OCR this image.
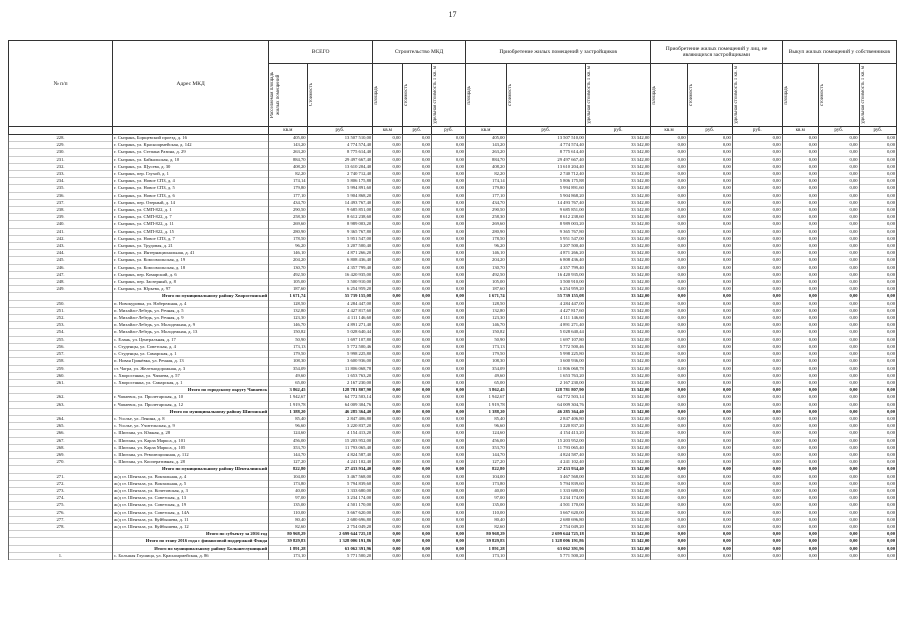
17
№ п/п	Адрес МКД	ВСЕГО		Строительство МКД			Приобретение жилых помещений у застройщиков			Приобретение жилых помещений у лиц, не являющихся застройщиками			Выкуп жилых помещений у собственников		

		Расселяемая площадь жилых помещений	Стоимость	площадь	стоимость	удельная стоимость 1 кв. м	площадь	стоимость	удельная стоимость 1 кв. м	площадь	стоимость	удельная стоимость 1 кв. м	площадь	стоимость	удельная стоимость 1 кв. м

		кв.м	руб.	кв.м	руб.	руб.	кв.м	руб.	руб.	кв.м	руб.	руб.	кв.м	руб.	руб.
228.	г. Сызрань, Борщевский проезд, д. 16	405,00	13 507 510,00	0,00	0,00	0,00	405,00	13 507 510,00	33 342,00	0,00	0,00	0,00	0,00	0,00	0,00
229.	г. Сызрань, ул. Красноармейская, д. 142	143,20	4 774 574,40	0,00	0,00	0,00	143,20	4 774 574,40	33 342,00	0,00	0,00	0,00	0,00	0,00	0,00
230.	г. Сызрань, ул. Степана Разина, д. 29	263,20	8 775 614,40	0,00	0,00	0,00	263,20	8 775 614,40	33 342,00	0,00	0,00	0,00	0,00	0,00	0,00
231.	г. Сызрань, ул. Байкальская, д. 10	884,70	29 497 667,40	0,00	0,00	0,00	884,70	29 497 667,40	33 342,00	0,00	0,00	0,00	0,00	0,00	0,00
232.	г. Сызрань, ул. Щусева, д. 30	408,20	13 610 204,40	0,00	0,00	0,00	408,20	13 610 204,40	33 342,00	0,00	0,00	0,00	0,00	0,00	0,00
233.	г. Сызрань, пер. Глухой, д. 1	82,20	2 740 712,40	0,00	0,00	0,00	82,20	2 740 712,40	33 342,00	0,00	0,00	0,00	0,00	0,00	0,00
234.	г. Сызрань, ул. Новое СПЗ, д. 4	174,14	5 806 175,88	0,00	0,00	0,00	174,14	5 806 175,88	33 342,00	0,00	0,00	0,00	0,00	0,00	0,00
235.	г. Сызрань, ул. Новое СПЗ, д. 5	179,80	5 994 891,60	0,00	0,00	0,00	179,80	5 994 891,60	33 342,00	0,00	0,00	0,00	0,00	0,00	0,00
236.	г. Сызрань, ул. Новое СПЗ, д. 6	177,10	5 904 868,20	0,00	0,00	0,00	177,10	5 904 868,20	33 342,00	0,00	0,00	0,00	0,00	0,00	0,00
237.	г. Сызрань, пер. Озерный, д. 14	434,70	14 493 767,40	0,00	0,00	0,00	434,70	14 493 767,40	33 342,00	0,00	0,00	0,00	0,00	0,00	0,00
238.	г. Сызрань, ул. СМП-822, д. 1	290,50	9 685 851,00	0,00	0,00	0,00	290,50	9 685 851,00	33 342,00	0,00	0,00	0,00	0,00	0,00	0,00
239.	г. Сызрань, ул. СМП-822, д. 7	258,30	8 612 238,60	0,00	0,00	0,00	258,30	8 612 238,60	33 342,00	0,00	0,00	0,00	0,00	0,00	0,00
240.	г. Сызрань, ул. СМП-822, д. 11	269,60	8 989 003,20	0,00	0,00	0,00	269,60	8 989 003,20	33 342,00	0,00	0,00	0,00	0,00	0,00	0,00
241.	г. Сызрань, ул. СМП-822, д. 15	280,90	9 365 767,80	0,00	0,00	0,00	280,90	9 365 767,80	33 342,00	0,00	0,00	0,00	0,00	0,00	0,00
242.	г. Сызрань, ул. Новое СПЗ, д. 7	178,50	5 951 547,00	0,00	0,00	0,00	178,50	5 951 547,00	33 342,00	0,00	0,00	0,00	0,00	0,00	0,00
243.	г. Сызрань, ул. Трудовая, д. 21	96,20	3 207 500,40	0,00	0,00	0,00	96,20	3 207 500,40	33 342,00	0,00	0,00	0,00	0,00	0,00	0,00
244.	г. Сызрань, ул. Интернациональная, д. 41	146,10	4 871 266,20	0,00	0,00	0,00	146,10	4 871 266,20	33 342,00	0,00	0,00	0,00	0,00	0,00	0,00
245.	г. Сызрань, ул. Комсомольская, д. 19	204,20	6 808 436,40	0,00	0,00	0,00	204,20	6 808 436,40	33 342,00	0,00	0,00	0,00	0,00	0,00	0,00
246.	г. Сызрань, ул. Комсомольская, д. 18	130,70	4 357 799,40	0,00	0,00	0,00	130,70	4 357 799,40	33 342,00	0,00	0,00	0,00	0,00	0,00	0,00
247.	г. Сызрань, пер. Комарский, д. 6	492,50	16 420 935,00	0,00	0,00	0,00	492,50	16 420 935,00	33 342,00	0,00	0,00	0,00	0,00	0,00	0,00
248.	г. Сызрань, пер. Заозерный, д. 8	105,00	3 500 910,00	0,00	0,00	0,00	105,00	3 500 910,00	33 342,00	0,00	0,00	0,00	0,00	0,00	0,00
249.	г. Сызрань, ул. Юрьева, д. 97	187,60	6 254 959,20	0,00	0,00	0,00	187,60	6 254 959,20	33 342,00	0,00	0,00	0,00	0,00	0,00	0,00
	Итого по муниципальному району Хворостянский	1 671,74	55 739 155,08	0,00	0,00	0,00	1 671,74	55 739 155,08	33 342,00	0,00	0,00	0,00	0,00	0,00	0,00
250.	п. Новокуровка, ул. Набережная, д. 4	128,50	4 284 447,00	0,00	0,00	0,00	128,50	4 284 447,00	33 342,00	0,00	0,00	0,00	0,00	0,00	0,00
251.	п. Михайло-Лебедь, ул. Речная, д. 5	132,80	4 427 817,60	0,00	0,00	0,00	132,80	4 427 817,60	33 342,00	0,00	0,00	0,00	0,00	0,00	0,00
252.	п. Михайло-Лебедь, ул. Речная, д. 9	123,30	4 111 146,60	0,00	0,00	0,00	123,30	4 111 146,60	33 342,00	0,00	0,00	0,00	0,00	0,00	0,00
253.	п. Михайло-Лебедь, ул. Молодежная, д. 9	146,70	4 891 271,40	0,00	0,00	0,00	146,70	4 891 271,40	33 342,00	0,00	0,00	0,00	0,00	0,00	0,00
254.	п. Михайло-Лебедь, ул. Молодежная, д. 13	150,82	5 028 640,44	0,00	0,00	0,00	150,82	5 028 640,44	33 342,00	0,00	0,00	0,00	0,00	0,00	0,00
255.	с. Елань, ул. Центральная, д. 17	50,90	1 697 107,80	0,00	0,00	0,00	50,90	1 697 107,80	33 342,00	0,00	0,00	0,00	0,00	0,00	0,00
256.	с. Студенцы, ул. Советская, д. 4	173,13	5 772 500,46	0,00	0,00	0,00	173,13	5 772 500,46	33 342,00	0,00	0,00	0,00	0,00	0,00	0,00
257.	с. Студенцы, ул. Самарская, д. 1	179,50	5 998 225,80	0,00	0,00	0,00	179,50	5 998 225,80	33 342,00	0,00	0,00	0,00	0,00	0,00	0,00
258.	п. Новая Гринёвка, ул. Речная, д. 13	108,30	3 600 936,00	0,00	0,00	0,00	108,30	3 600 936,00	33 342,00	0,00	0,00	0,00	0,00	0,00	0,00
259.	ст. Чагра, ул. Железнодорожная, д. 3	354,09	11 806 068,78	0,00	0,00	0,00	354,09	11 806 068,78	33 342,00	0,00	0,00	0,00	0,00	0,00	0,00
260.	с. Хворостянка, ул. Чапаева, д. 57	49,60	1 653 763,20	0,00	0,00	0,00	49,60	1 653 763,20	33 342,00	0,00	0,00	0,00	0,00	0,00	0,00
261.	с. Хворостянка, ул. Самарская, д. 1	65,00	2 167 230,00	0,00	0,00	0,00	65,00	2 167 230,00	33 342,00	0,00	0,00	0,00	0,00	0,00	0,00
	Итого по городскому округу Чапаевск	3 862,45	128 781 807,90	0,00	0,00	0,00	3 862,45	128 781 807,90	33 342,00	0,00	0,00	0,00	0,00	0,00	0,00
262.	г. Чапаевск, ул. Пролетарская, д. 10	1 942,67	64 772 503,14	0,00	0,00	0,00	1 942,67	64 772 503,14	33 342,00	0,00	0,00	0,00	0,00	0,00	0,00
263.	г. Чапаевск, ул. Пролетарская, д. 12	1 919,78	64 009 304,76	0,00	0,00	0,00	1 919,78	64 009 304,76	33 342,00	0,00	0,00	0,00	0,00	0,00	0,00
	Итого по муниципальному району Шигонский	1 388,20	46 285 364,40	0,00	0,00	0,00	1 388,20	46 285 364,40	33 342,00	0,00	0,00	0,00	0,00	0,00	0,00
264.	с. Усолье, ул. Ленина, д. 8	85,40	2 847 406,80	0,00	0,00	0,00	85,40	2 847 406,80	33 342,00	0,00	0,00	0,00	0,00	0,00	0,00
265.	с. Усолье, ул. Учительская, д. 9	96,60	3 220 837,20	0,00	0,00	0,00	96,60	3 220 837,20	33 342,00	0,00	0,00	0,00	0,00	0,00	0,00
266.	с. Шигоны, ул. Южная, д. 28	124,60	4 154 413,20	0,00	0,00	0,00	124,60	4 154 413,20	33 342,00	0,00	0,00	0,00	0,00	0,00	0,00
267.	с. Шигоны, ул. Карла Маркса, д. 101	456,00	15 203 952,00	0,00	0,00	0,00	456,00	15 203 952,00	33 342,00	0,00	0,00	0,00	0,00	0,00	0,00
268.	с. Шигоны, ул. Карла Маркса, д. 105	353,70	11 793 065,40	0,00	0,00	0,00	353,70	11 793 065,40	33 342,00	0,00	0,00	0,00	0,00	0,00	0,00
269.	с. Шигоны, ул. Революционная, д. 112	144,70	4 824 587,40	0,00	0,00	0,00	144,70	4 824 587,40	33 342,00	0,00	0,00	0,00	0,00	0,00	0,00
270.	с. Шигоны, ул. Кооперативная, д. 28	127,20	4 241 102,40	0,00	0,00	0,00	127,20	4 241 102,40	33 342,00	0,00	0,00	0,00	0,00	0,00	0,00
	Итого по муниципальному району Шенталинский	822,80	27 433 934,40	0,00	0,00	0,00	822,80	27 433 934,40	33 342,00	0,00	0,00	0,00	0,00	0,00	0,00
271.	ж/д ст. Шентала, ул. Вокзальная, д. 4	104,00	3 467 568,00	0,00	0,00	0,00	104,00	3 467 568,00	33 342,00	0,00	0,00	0,00	0,00	0,00	0,00
272.	ж/д ст. Шентала, ул. Вокзальная, д. 5	173,80	5 794 839,60	0,00	0,00	0,00	173,80	5 794 839,60	33 342,00	0,00	0,00	0,00	0,00	0,00	0,00
273.	ж/д ст. Шентала, ул. Кочетовская, д. 3	40,00	1 333 680,00	0,00	0,00	0,00	40,00	1 333 680,00	33 342,00	0,00	0,00	0,00	0,00	0,00	0,00
274.	ж/д ст. Шентала, ул. Советская, д. 13	97,00	3 234 174,00	0,00	0,00	0,00	97,00	3 234 174,00	33 342,00	0,00	0,00	0,00	0,00	0,00	0,00
275.	ж/д ст. Шентала, ул. Советская, д. 19	135,00	4 501 170,00	0,00	0,00	0,00	135,00	4 501 170,00	33 342,00	0,00	0,00	0,00	0,00	0,00	0,00
276.	ж/д ст. Шентала, ул. Советская, д. 14А	110,00	3 667 620,00	0,00	0,00	0,00	110,00	3 667 620,00	33 342,00	0,00	0,00	0,00	0,00	0,00	0,00
277.	ж/д ст. Шентала, ул. Куйбышева, д. 11	80,40	2 680 696,80	0,00	0,00	0,00	80,40	2 680 696,80	33 342,00	0,00	0,00	0,00	0,00	0,00	0,00
278.	ж/д ст. Шентала, ул. Куйбышева, д. 12	82,60	2 754 049,20	0,00	0,00	0,00	82,60	2 754 049,20	33 342,00	0,00	0,00	0,00	0,00	0,00	0,00
	Итого по субъекту за 2016 год	80 968,29	2 699 644 725,18	0,00	0,00	0,00	80 968,29	2 699 644 725,18	33 342,00	0,00	0,00	0,00	0,00	0,00	0,00
	Итого по этапу 2016 года с финансовой поддержкой Фонда	39 829,83	1 328 006 191,86	0,00	0,00	0,00	39 829,83	1 328 006 191,86	33 342,00	0,00	0,00	0,00	0,00	0,00	0,00
	Итого по муниципальному району Большеглушицкий	1 891,28	63 062 391,96	0,00	0,00	0,00	1 891,28	63 062 391,96	33 342,00	0,00	0,00	0,00	0,00	0,00	0,00
1.	с. Большая Глушица, ул. Красноармейская, д. 86	173,10	5 771 500,20	0,00	0,00	0,00	173,10	5 771 500,20	33 342,00	0,00	0,00	0,00	0,00	0,00	0,00
